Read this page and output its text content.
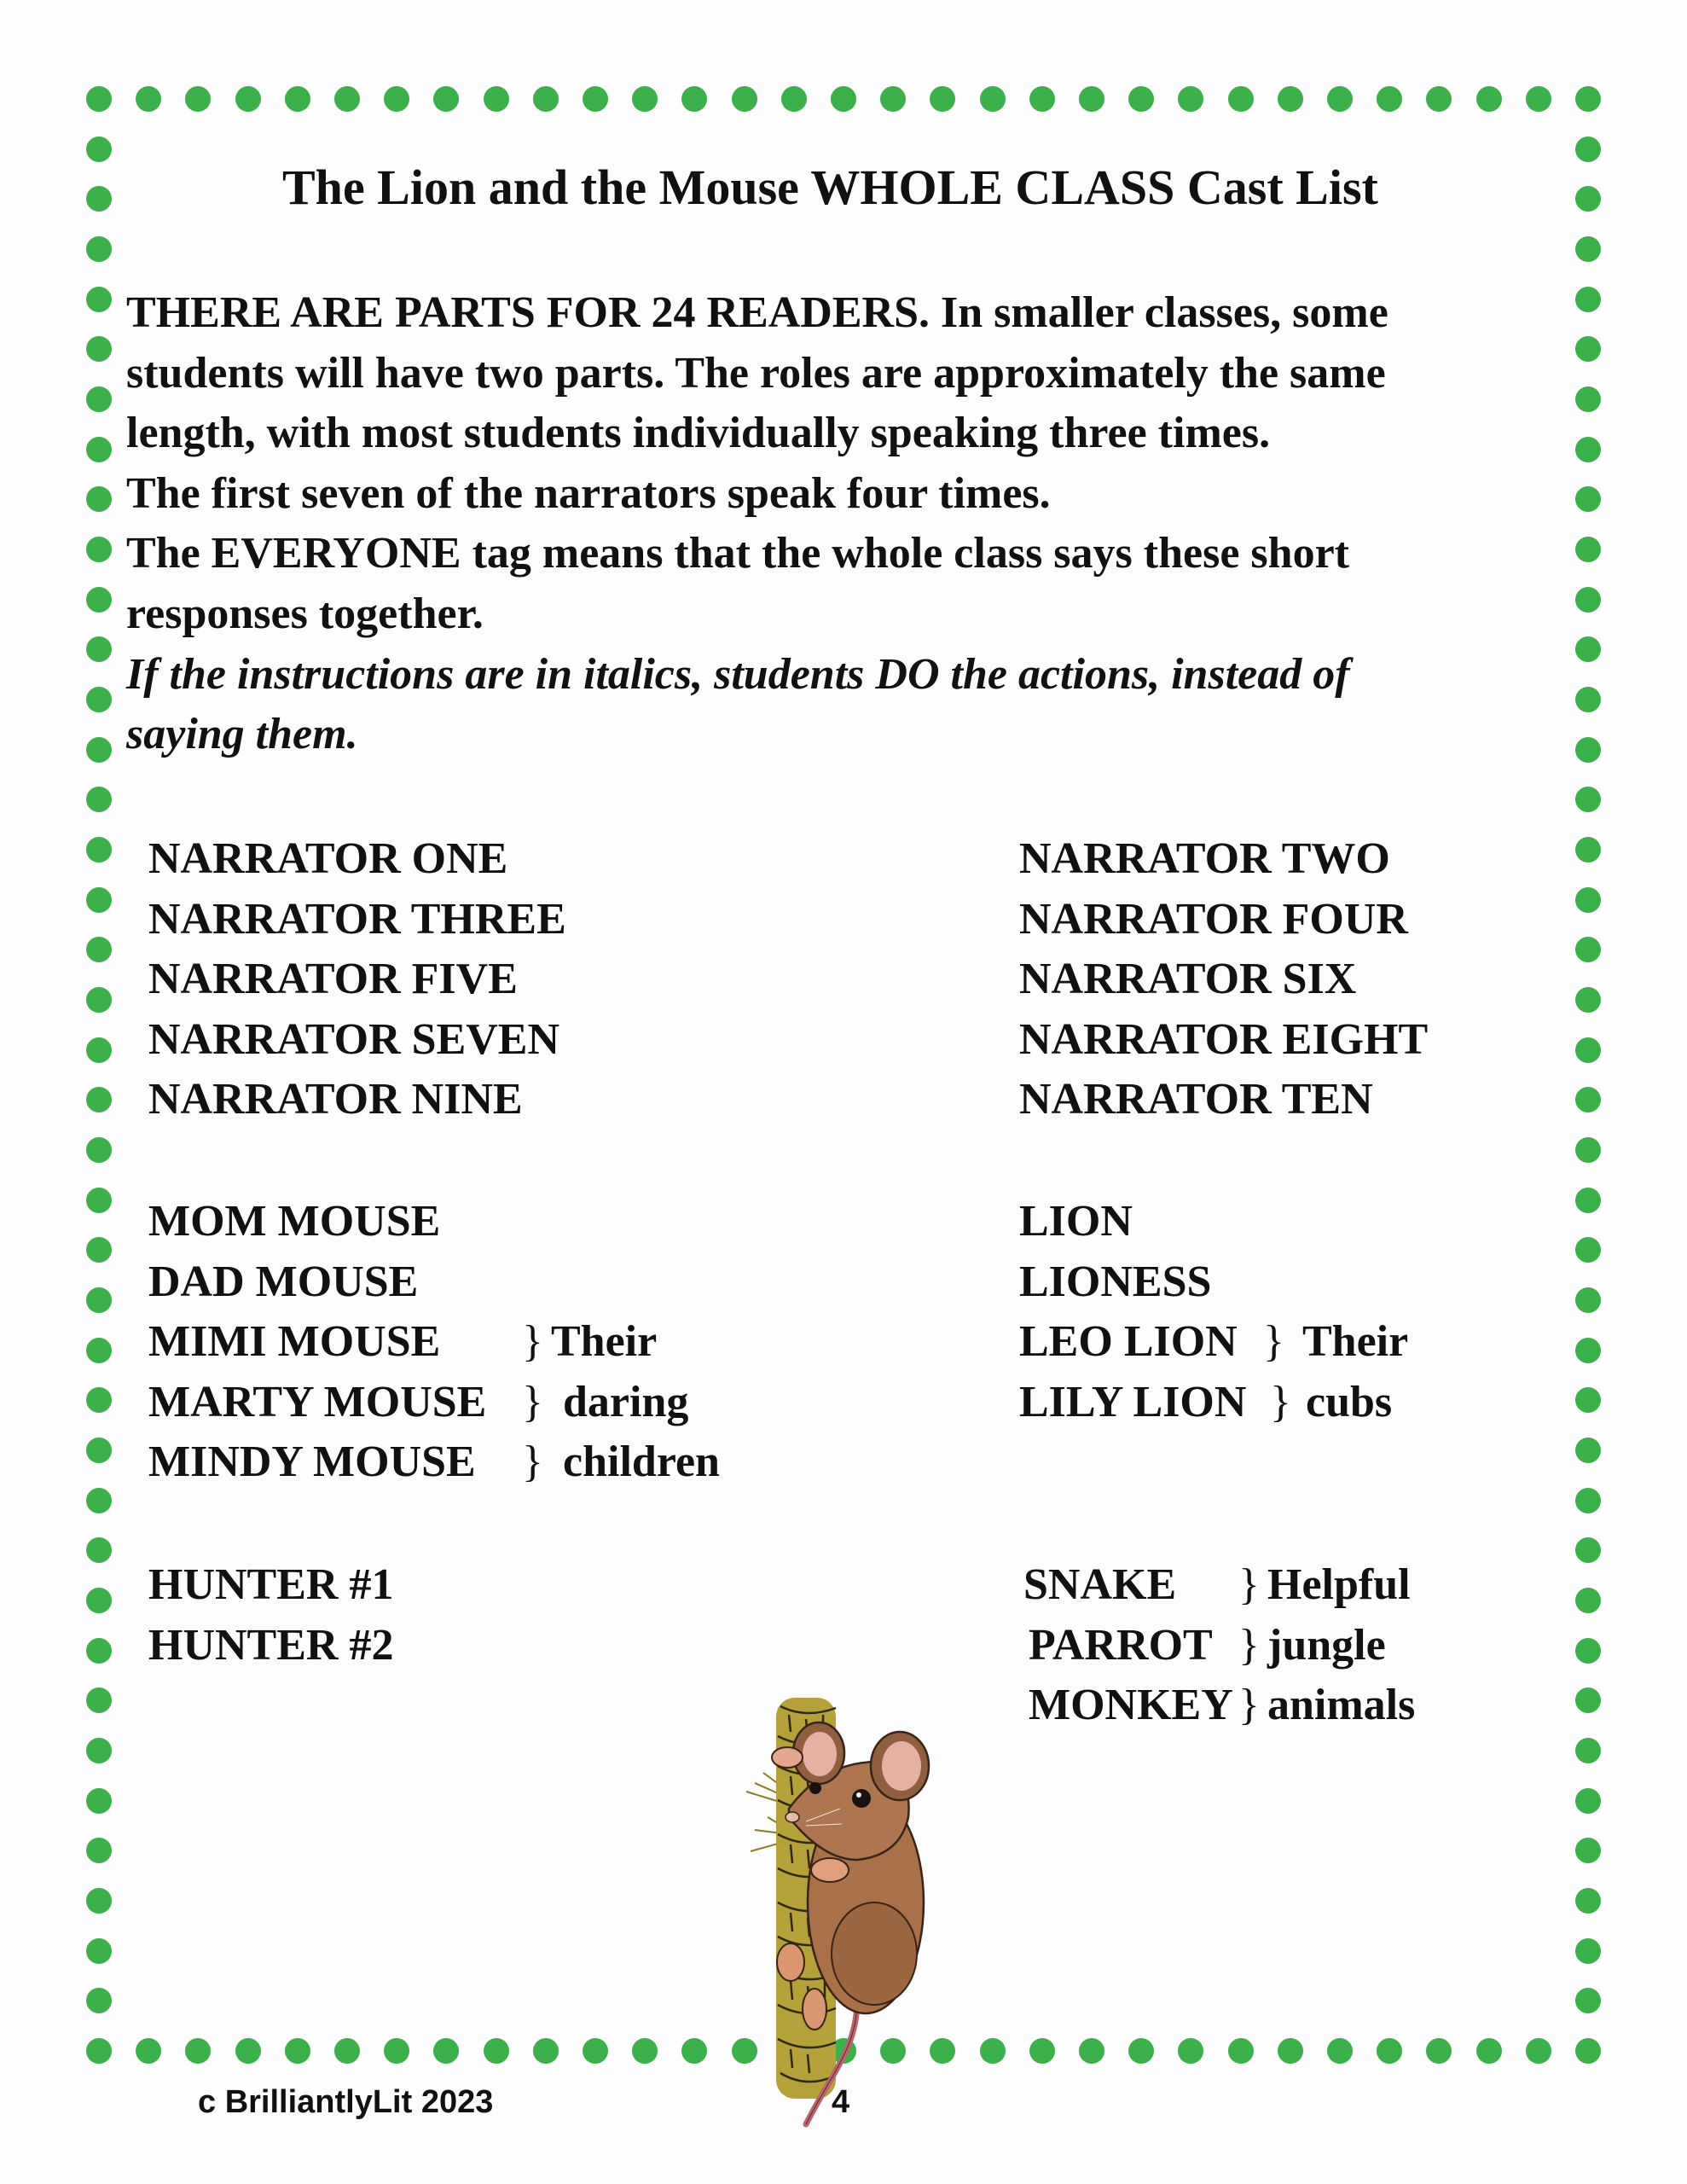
The Lion and the Mouse WHOLE CLASS Cast List
THERE ARE PARTS FOR 24 READERS. In smaller classes, some
students will have two parts. The roles are approximately the same
length, with most students individually speaking three times.
The first seven of the narrators speak four times.
The EVERYONE tag means that the whole class says these short
responses together.
If the instructions are in italics, students DO the actions, instead of
saying them.
NARRATOR ONE
NARRATOR THREE
NARRATOR FIVE
NARRATOR SEVEN
NARRATOR NINE
NARRATOR TWO
NARRATOR FOUR
NARRATOR SIX
NARRATOR EIGHT
NARRATOR TEN
MOM MOUSE
DAD MOUSE
MIMI MOUSE } Their
MARTY MOUSE } daring
MINDY MOUSE } children
LION
LIONESS
LEO LION } Their
LILY LION } cubs
HUNTER #1
HUNTER #2
SNAKE } Helpful
PARROT } jungle
MONKEY } animals
c BrilliantlyLit 2023	4
